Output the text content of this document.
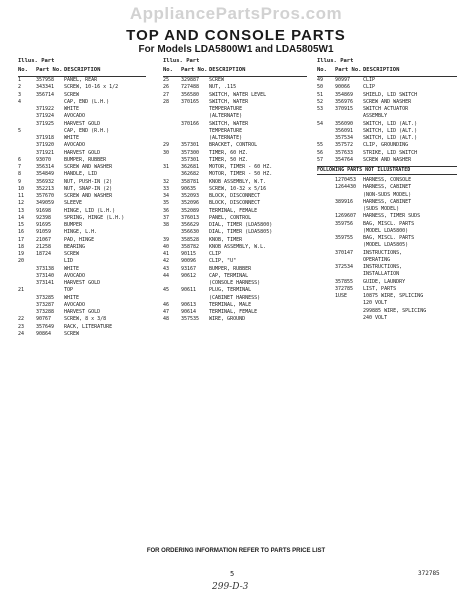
AppliancePartsPros.com
TOP AND CONSOLE PARTS
For Models LDA5800W1 and LDA5805W1
Illus. Part
No. Part No. DESCRIPTION
1	357958 PANEL, REAR
2	343341 SCREW, 10-16 x 1/2
3	356714 SCREW
4	CAP, END (L.H.)
371922 WHITE
371924 AVOCADO
371925 HARVEST GOLD
5	CAP, END (R.H.)
371918 WHITE
371920 AVOCADO
371921 HARVEST GOLD
6	93070	BUMPER, RUBBER
7	356314 SCREW AND WASHER
8	354849 HANDLE, LID
9	356932 NUT, PUSH-IN (2)
10 352213 NUT, SNAP-IN (2)
11 357670 SCREW AND WASHER
12 349059 SLEEVE
13 91698	HINGE, LID (L.H.)
14 92398	SPRING, HINGE (L.H.)
15 91695	BUMPER
16 91059	HINGE, L.H.
17 21067	PAD, HINGE
18 21258	BEARING
19 18724	SCREW
20	LID
373138 WHITE
373140 AVOCADO
373141 HARVEST GOLD
21	TOP
373285 WHITE
373287 AVOCADO
373288 HARVEST GOLD
22 90767	SCREW, 8 x 3/8
23 357649 RACK, LITERATURE
24 90864	SCREW
Illus. Part
No. Part No. DESCRIPTION
25 329887 SCREW
26 727488 NUT, .115
27 356580 SWITCH, WATER LEVEL
28 370165 SWITCH, WATER
TEMPERATURE
(ALTERNATE)
370166 SWITCH, WATER
TEMPERATURE
(ALTERNATE)
29 357301 BRACKET, CONTROL
30 357300 TIMER, 60 HZ.
357301 TIMER, 50 HZ.
31 362681 MOTOR, TIMER - 60 HZ.
362682 MOTOR, TIMER - 50 HZ.
32 358781 KNOB ASSEMBLY, W.T.
33 90635	SCREW, 10-32 x 5/16
34 352093 BLOCK, DISCONNECT
35 352096 BLOCK, DISCONNECT
36 352089 TERMINAL, FEMALE
37 376013 PANEL, CONTROL
38 356629 DIAL, TIMER (LDA5800)
356630 DIAL, TIMER (LDA5805)
39 358528 KNOB, TIMER
40 358782 KNOB ASSEMBLY, W.L.
41 90115	CLIP
42 90096	CLIP, "U"
43 93167	BUMPER, RUBBER
44 90612	CAP, TERMINAL
(CONSOLE HARNESS)
45 90611	PLUG, TERMINAL
(CABINET HARNESS)
46 90613	TERMINAL, MALE
47 90614	TERMINAL, FEMALE
48 357535 WIRE, GROUND
Illus. Part
No. Part No. DESCRIPTION
49 90997	CLIP
50 90066	CLIP
51 354869 SHIELD, LID SWITCH
52 356976 SCREW AND WASHER
53 370915 SWITCH ACTUATOR
ASSEMBLY
54 356090 SWITCH, LID (ALT.)
356091 SWITCH, LID (ALT.)
357534 SWITCH, LID (ALT.)
55 357572 CLIP, GROUNDING
56 357633 STRIKE, LID SWITCH
57 354764 SCREW AND WASHER
FOLLOWING PARTS NOT ILLUSTRATED
1270453 HARNESS, CONSOLE
1264430 HARNESS, CABINET
(NON-SUDS MODEL)
389916 HARNESS, CABINET
(SUDS MODEL)
1269607 HARNESS, TIMER SUDS
359756 BAG, MISCL. PARTS
(MODEL LDA5800)
359755 BAG, MISCL. PARTS
(MODEL LDA5805)
370147 INSTRUCTIONS,
OPERATING
372534 INSTRUCTIONS,
INSTALLATION
357855 GUIDE, LAUNDRY
372785 LIST, PARTS
1USE	10875 WIRE, SPLICING
120 VOLT
299885 WIRE, SPLICING
240 VOLT
FOR ORDERING INFORMATION REFER TO PARTS PRICE LIST
5	372785
299-D-3
